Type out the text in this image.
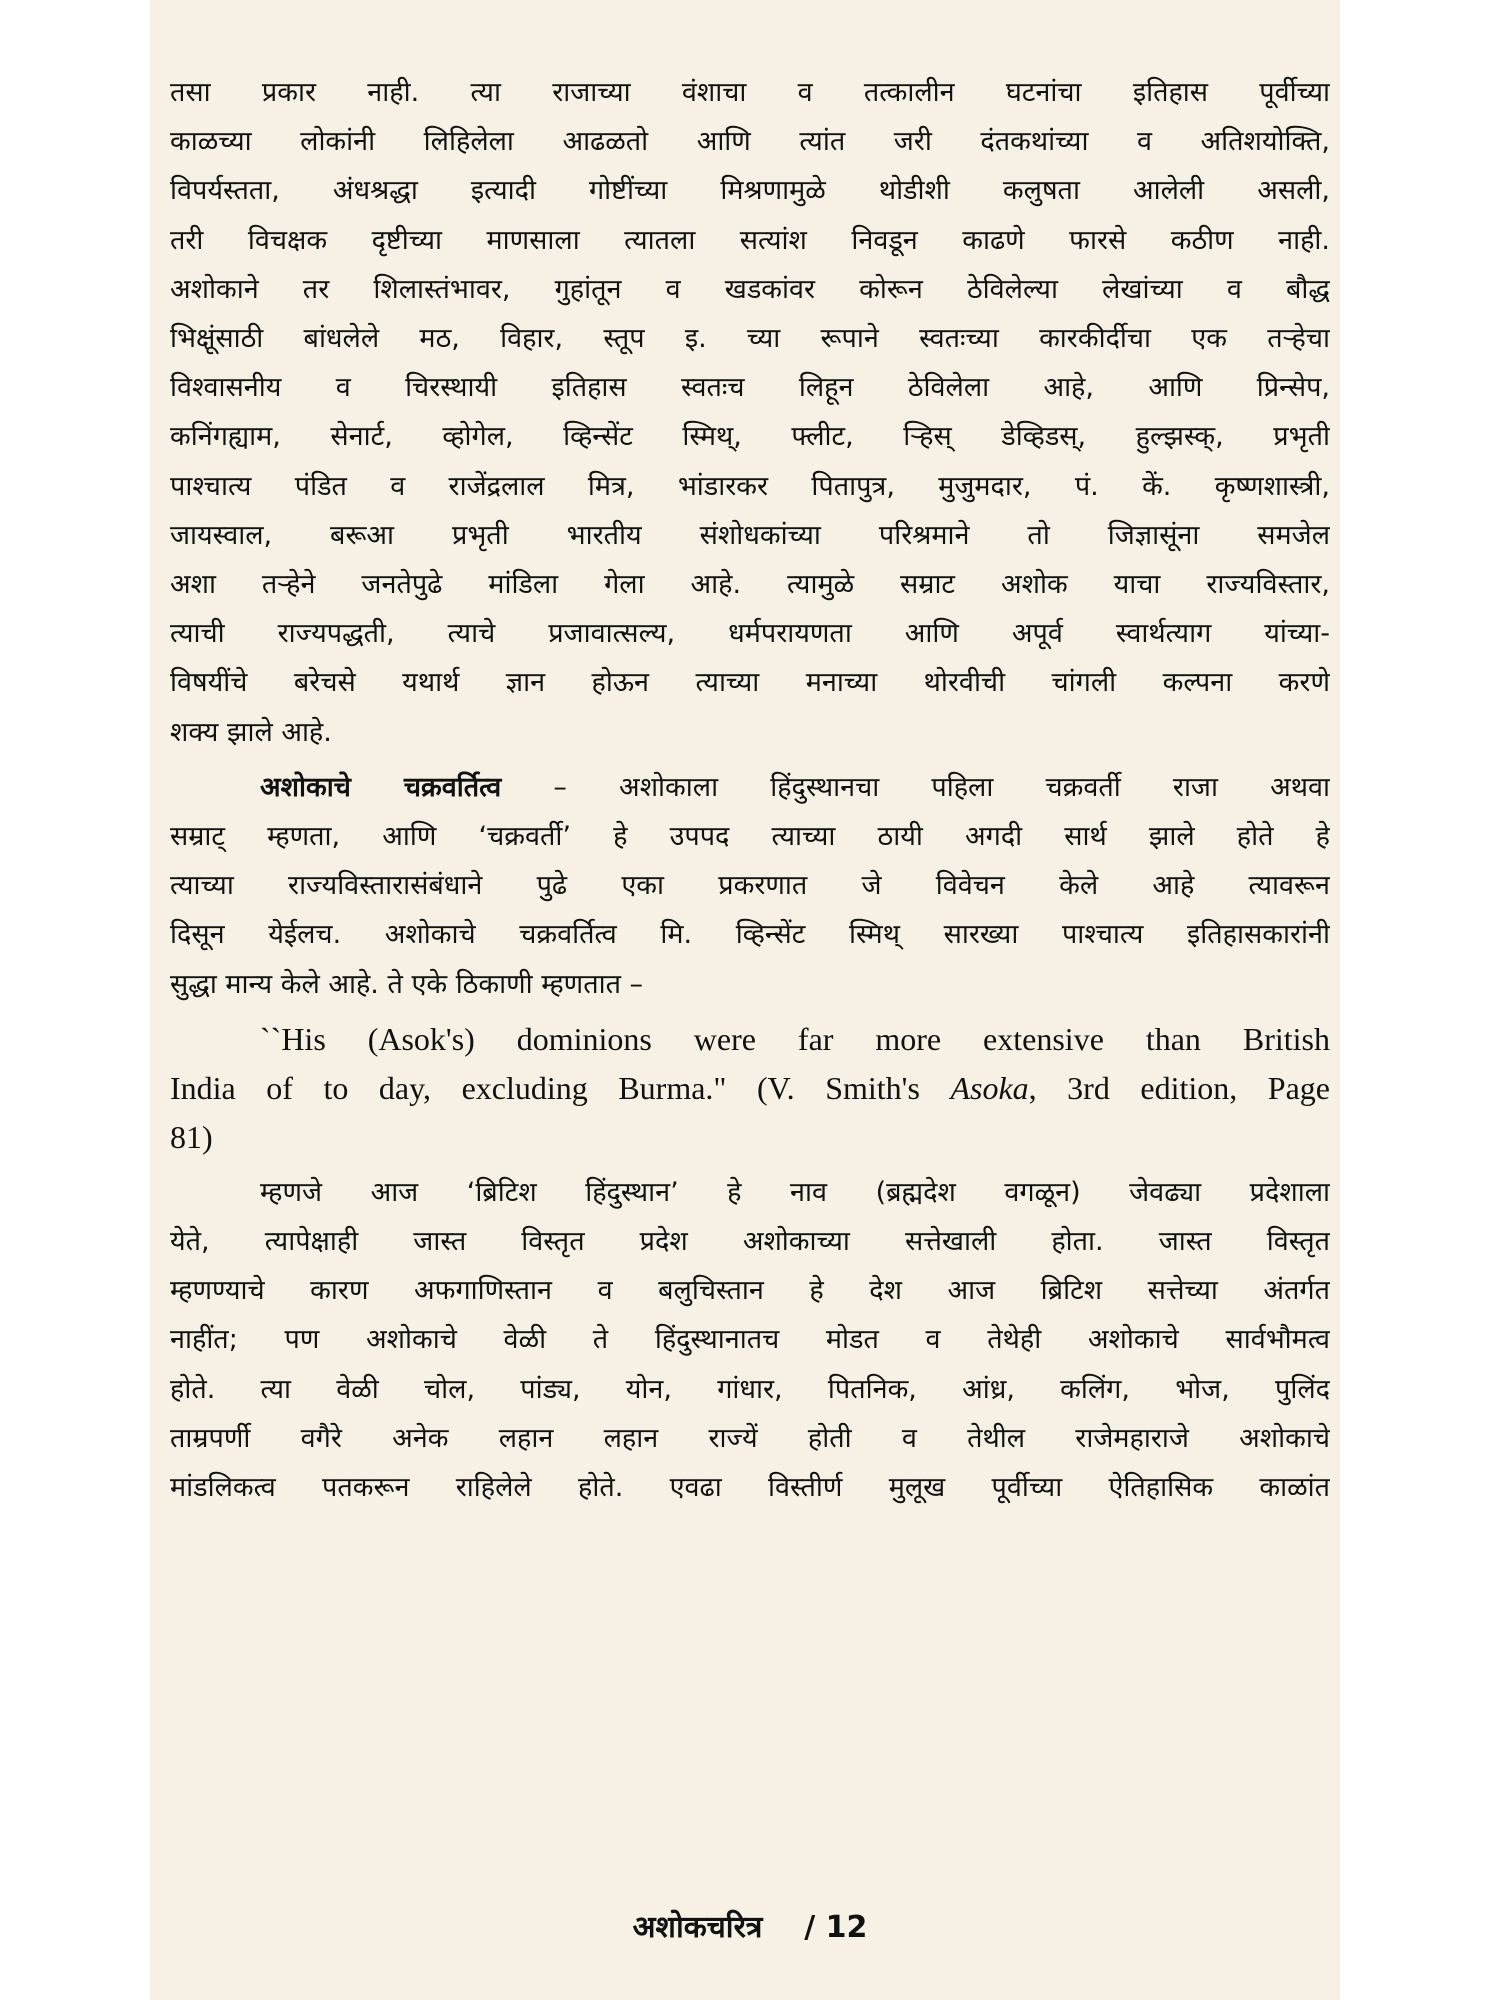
तसा प्रकार नाही. त्या राजाच्या वंशाचा व तत्कालीन घटनांचा इतिहास पूर्वीच्या
काळच्या लोकांनी लिहिलेला आढळतो आणि त्यांत जरी दंतकथांच्या व अतिशयोक्ति,
विपर्यस्तता, अंधश्रद्धा इत्यादी गोष्टींच्या मिश्रणामुळे थोडीशी कलुषता आलेली असली,
तरी विचक्षक दृष्टीच्या माणसाला त्यातला सत्यांश निवडून काढणे फारसे कठीण नाही.
अशोकाने तर शिलास्तंभावर, गुहांतून व खडकांवर कोरून ठेविलेल्या लेखांच्या व बौद्ध
भिक्षूंसाठी बांधलेले मठ, विहार, स्तूप इ. च्या रूपाने स्वतःच्या कारकीर्दीचा एक तऱ्हेचा
विश्वासनीय व चिरस्थायी इतिहास स्वतःच लिहून ठेविलेला आहे, आणि प्रिन्सेप,
कनिंगह्याम, सेनार्ट, व्होगेल, व्हिन्सेंट स्मिथ्, फ्लीट, ऱ्हिस् डेव्हिडस्, हुल्झस्क्, प्रभृती
पाश्चात्य पंडित व राजेंद्रलाल मित्र, भांडारकर पितापुत्र, मुजुमदार, पं. कें. कृष्णशास्त्री,
जायस्वाल, बरूआ प्रभृती भारतीय संशोधकांच्या परिश्रमाने तो जिज्ञासूंना समजेल
अशा तऱ्हेने जनतेपुढे मांडिला गेला आहे. त्यामुळे सम्राट अशोक याचा राज्यविस्तार,
त्याची राज्यपद्धती, त्याचे प्रजावात्सल्य, धर्मपरायणता आणि अपूर्व स्वार्थत्याग यांच्या-
विषयींचे बरेचसे यथार्थ ज्ञान होऊन त्याच्या मनाच्या थोरवीची चांगली कल्पना करणे
शक्य झाले आहे.
अशोकाचे चक्रवर्तित्व – अशोकाला हिंदुस्थानचा पहिला चक्रवर्ती राजा अथवा
सम्राट् म्हणता, आणि ‘चक्रवर्ती’ हे उपपद त्याच्या ठायी अगदी सार्थ झाले होते हे
त्याच्या राज्यविस्तारासंबंधाने पुढे एका प्रकरणात जे विवेचन केले आहे त्यावरून
दिसून येईलच. अशोकाचे चक्रवर्तित्व मि. व्हिन्सेंट स्मिथ् सारख्या पाश्चात्य इतिहासकारांनी
सुद्धा मान्य केले आहे. ते एके ठिकाणी म्हणतात –
``His (Asok's) dominions were far more extensive than British
India of to day, excluding Burma." (V. Smith's Asoka, 3rd edition, Page
81)
म्हणजे आज ‘ब्रिटिश हिंदुस्थान’ हे नाव (ब्रह्मदेश वगळून) जेवढ्या प्रदेशाला
येते, त्यापेक्षाही जास्त विस्तृत प्रदेश अशोकाच्या सत्तेखाली होता. जास्त विस्तृत
म्हणण्याचे कारण अफगाणिस्तान व बलुचिस्तान हे देश आज ब्रिटिश सत्तेच्या अंतर्गत
नाहींत; पण अशोकाचे वेळी ते हिंदुस्थानातच मोडत व तेथेही अशोकाचे सार्वभौमत्व
होते. त्या वेळी चोल, पांड्य, योन, गांधार, पितनिक, आंध्र, कलिंग, भोज, पुलिंद
ताम्रपर्णी वगैरे अनेक लहान लहान राज्यें होती व तेथील राजेमहाराजे अशोकाचे
मांडलिकत्व पतकरून राहिलेले होते. एवढा विस्तीर्ण मुलूख पूर्वीच्या ऐतिहासिक काळांत
अशोकचरित्र / 12
